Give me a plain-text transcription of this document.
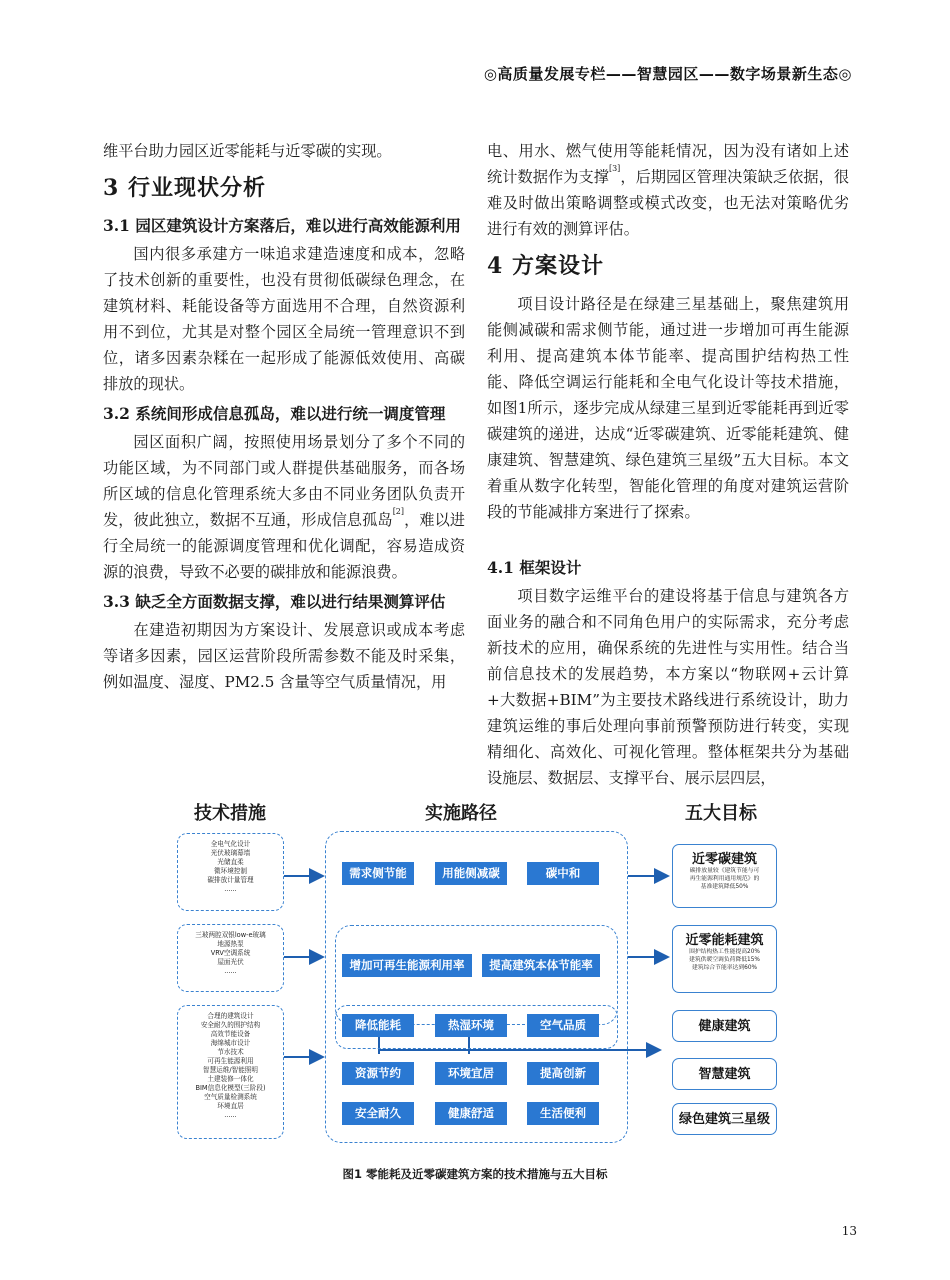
◎高质量发展专栏——智慧园区——数字场景新生态◎

维平台助力园区近零能耗与近零碳的实现。

3 行业现状分析
3.1 园区建筑设计方案落后，难以进行高效能源利用

国内很多承建方一味追求建造速度和成本，忽略了技术创新的重要性，也没有贯彻低碳绿色理念，在建筑材料、耗能设备等方面选用不合理，自然资源利用不到位，尤其是对整个园区全局统一管理意识不到位，诸多因素杂糅在一起形成了能源低效使用、高碳排放的现状。

3.2 系统间形成信息孤岛，难以进行统一调度管理

园区面积广阔，按照使用场景划分了多个不同的功能区域，为不同部门或人群提供基础服务，而各场所区域的信息化管理系统大多由不同业务团队负责开发，彼此独立，数据不互通，形成信息孤岛[2]，难以进行全局统一的能源调度管理和优化调配，容易造成资源的浪费，导致不必要的碳排放和能源浪费。

3.3 缺乏全方面数据支撑，难以进行结果测算评估

在建造初期因为方案设计、发展意识或成本考虑等诸多因素，园区运营阶段所需参数不能及时采集，例如温度、湿度、PM2.5 含量等空气质量情况，用

电、用水、燃气使用等能耗情况，因为没有诸如上述统计数据作为支撑[3]，后期园区管理决策缺乏依据，很难及时做出策略调整或模式改变，也无法对策略优劣进行有效的测算评估。

4 方案设计

项目设计路径是在绿建三星基础上，聚焦建筑用能侧减碳和需求侧节能，通过进一步增加可再生能源利用、提高建筑本体节能率、提高围护结构热工性能、降低空调运行能耗和全电气化设计等技术措施，如图1所示，逐步完成从绿建三星到近零能耗再到近零碳建筑的递进，达成“近零碳建筑、近零能耗建筑、健康建筑、智慧建筑、绿色建筑三星级”五大目标。本文着重从数字化转型，智能化管理的角度对建筑运营阶段的节能减排方案进行了探索。

4.1 框架设计

项目数字运维平台的建设将基于信息与建筑各方面业务的融合和不同角色用户的实际需求，充分考虑新技术的应用，确保系统的先进性与实用性。结合当前信息技术的发展趋势，本方案以“物联网+云计算+大数据+BIM”为主要技术路线进行系统设计，助力建筑运维的事后处理向事前预警预防进行转变，实现精细化、高效化、可视化管理。整体框架共分为基础设施层、数据层、支撑平台、展示层四层，

技术措施	实施路径	五大目标
全电气化设计
光伏玻璃幕墙
光储直柔
微环境控制
碳排放计量管理
......
三玻两腔双银low-e玻璃
地源热泵
VRV空调系统
屋面光伏
......
合理的建筑设计
安全耐久的围护结构
高效节能设备
海绵城市设计
节水技术
可再生能源利用
智慧运维/智能照明
土建装修一体化
BIM信息化模型(三阶段)
空气质量检测系统
环境直居
......
需求侧节能	用能侧减碳	碳中和
增加可再生能源利用率	提高建筑本体节能率
降低能耗	热湿环境	空气品质
资源节约	环境宜居	提高创新
安全耐久	健康舒适	生活便利
近零碳建筑
碳排放量较《建筑节能与可
再生能源利用通用规范》的
基准建筑降低50%
近零能耗建筑
围护结构热工性能提高20%
建筑供暖空调负荷降低15%
建筑综合节能率达到60%
健康建筑
智慧建筑
绿色建筑三星级
图1 零能耗及近零碳建筑方案的技术措施与五大目标
13
